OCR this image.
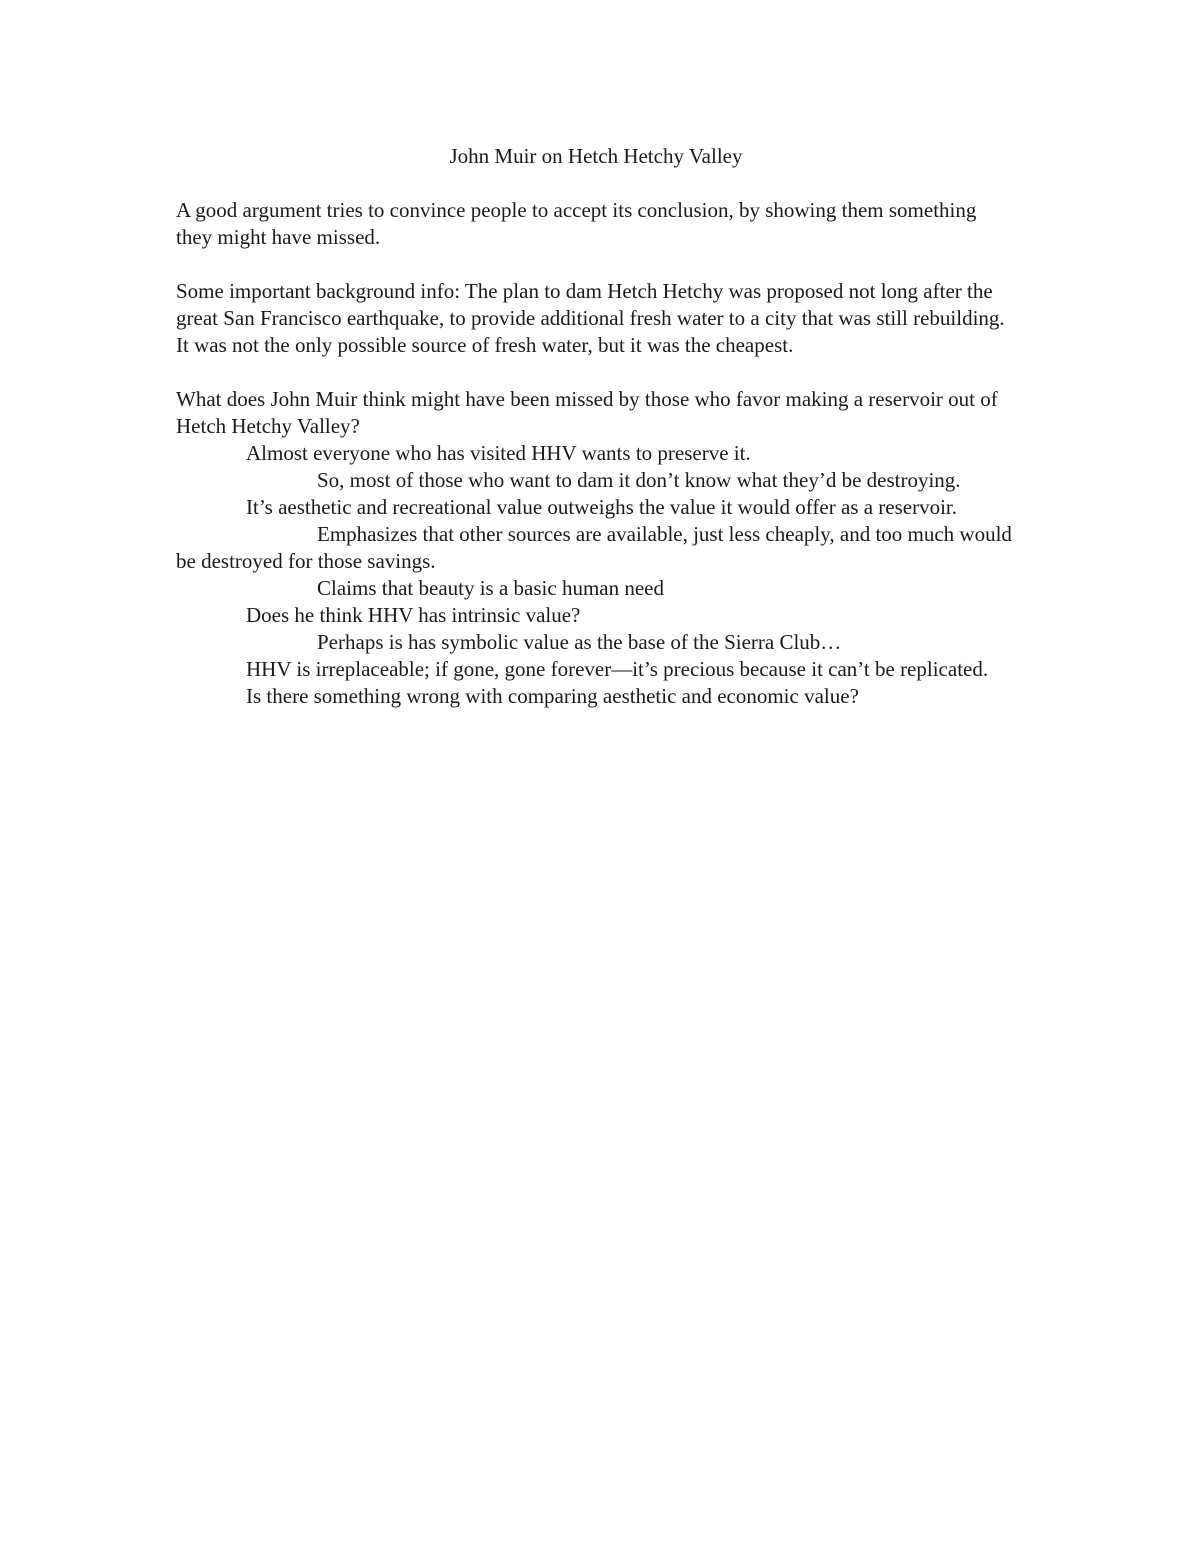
John Muir on Hetch Hetchy Valley

A good argument tries to convince people to accept its conclusion, by showing them something they might have missed.

Some important background info: The plan to dam Hetch Hetchy was proposed not long after the great San Francisco earthquake, to provide additional fresh water to a city that was still rebuilding. It was not the only possible source of fresh water, but it was the cheapest.

What does John Muir think might have been missed by those who favor making a reservoir out of Hetch Hetchy Valley?

Almost everyone who has visited HHV wants to preserve it.

So, most of those who want to dam it don’t know what they’d be destroying.

It’s aesthetic and recreational value outweighs the value it would offer as a reservoir.

Emphasizes that other sources are available, just less cheaply, and too much would be destroyed for those savings.

Claims that beauty is a basic human need

Does he think HHV has intrinsic value?

Perhaps is has symbolic value as the base of the Sierra Club…

HHV is irreplaceable; if gone, gone forever—it’s precious because it can’t be replicated.

Is there something wrong with comparing aesthetic and economic value?
